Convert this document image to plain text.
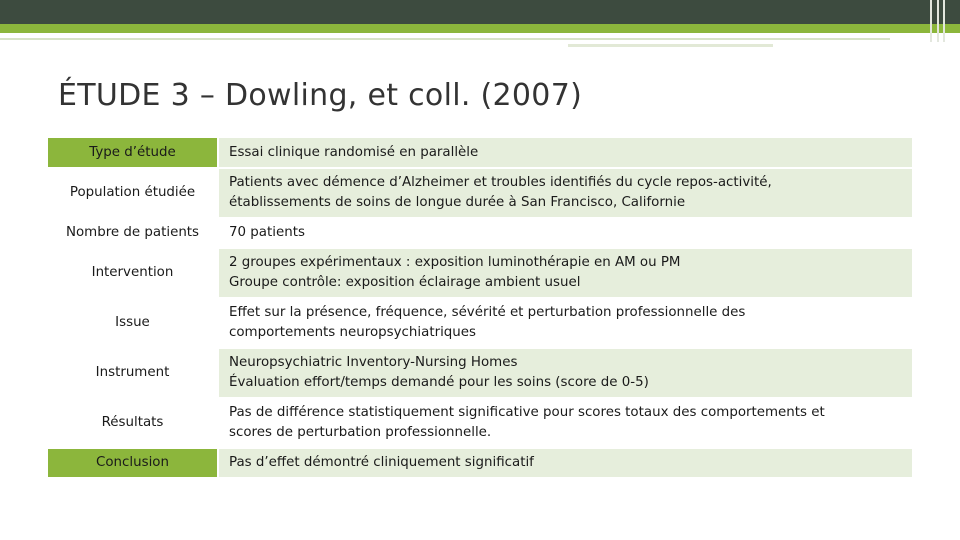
ÉTUDE 3 – Dowling, et coll. (2007)
Type d’étude	Essai clinique randomisé en parallèle

Population étudiée	Patients avec démence d’Alzheimer et troubles identifiés du cycle repos-activité,
établissements de soins de longue durée à San Francisco, Californie

Nombre de patients	70 patients

Intervention	2 groupes expérimentaux : exposition luminothérapie en AM ou PM
Groupe contrôle: exposition éclairage ambient usuel

Issue	Effet sur la présence, fréquence, sévérité et perturbation professionnelle des
comportements neuropsychiatriques

Instrument	Neuropsychiatric Inventory-Nursing Homes
Évaluation effort/temps demandé pour les soins (score de 0-5)

Résultats	Pas de différence statistiquement significative pour scores totaux des comportements et
scores de perturbation professionnelle.

Conclusion	Pas d’effet démontré cliniquement significatif
